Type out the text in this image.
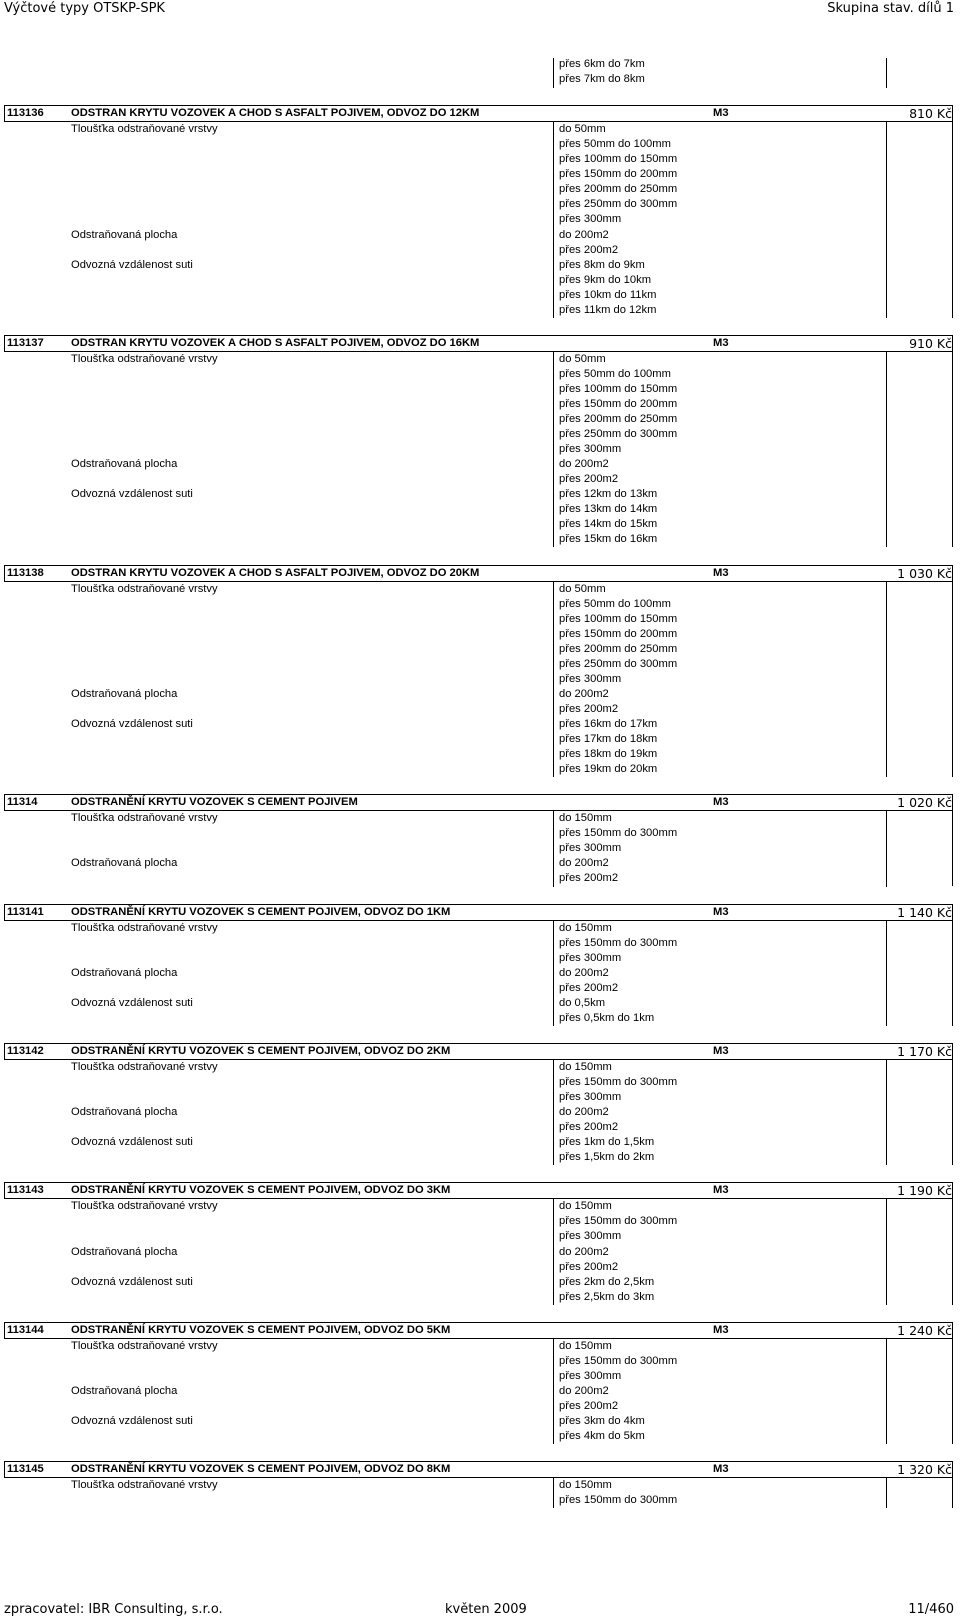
Výčtové typy OTSKP-SPK	Skupina stav. dílů 1
přes 6km do 7km
přes 7km do 8km
113136 ODSTRAN KRYTU VOZOVEK A CHOD S ASFALT POJIVEM, ODVOZ DO 12KM	M3	810 Kč
Tloušťka odstraňované vrstvy	do 50mm
přes 50mm do 100mm
přes 100mm do 150mm
přes 150mm do 200mm
přes 200mm do 250mm
přes 250mm do 300mm
přes 300mm
Odstraňovaná plocha	do 200m2
přes 200m2
Odvozná vzdálenost suti	přes 8km do 9km
přes 9km do 10km
přes 10km do 11km
přes 11km do 12km
113137 ODSTRAN KRYTU VOZOVEK A CHOD S ASFALT POJIVEM, ODVOZ DO 16KM	M3	910 Kč
Tloušťka odstraňované vrstvy	do 50mm
přes 50mm do 100mm
přes 100mm do 150mm
přes 150mm do 200mm
přes 200mm do 250mm
přes 250mm do 300mm
přes 300mm
Odstraňovaná plocha	do 200m2
přes 200m2
Odvozná vzdálenost suti	přes 12km do 13km
přes 13km do 14km
přes 14km do 15km
přes 15km do 16km
113138 ODSTRAN KRYTU VOZOVEK A CHOD S ASFALT POJIVEM, ODVOZ DO 20KM	M3	1 030 Kč
Tloušťka odstraňované vrstvy	do 50mm
přes 50mm do 100mm
přes 100mm do 150mm
přes 150mm do 200mm
přes 200mm do 250mm
přes 250mm do 300mm
přes 300mm
Odstraňovaná plocha	do 200m2
přes 200m2
Odvozná vzdálenost suti	přes 16km do 17km
přes 17km do 18km
přes 18km do 19km
přes 19km do 20km
11314	ODSTRANĚNÍ KRYTU VOZOVEK S CEMENT POJIVEM	M3	1 020 Kč
Tloušťka odstraňované vrstvy	do 150mm
přes 150mm do 300mm
přes 300mm
Odstraňovaná plocha	do 200m2
přes 200m2
113141 ODSTRANĚNÍ KRYTU VOZOVEK S CEMENT POJIVEM, ODVOZ DO 1KM	M3	1 140 Kč
Tloušťka odstraňované vrstvy	do 150mm
přes 150mm do 300mm
přes 300mm
Odstraňovaná plocha	do 200m2
přes 200m2
Odvozná vzdálenost suti	do 0,5km
přes 0,5km do 1km
113142 ODSTRANĚNÍ KRYTU VOZOVEK S CEMENT POJIVEM, ODVOZ DO 2KM	M3	1 170 Kč
Tloušťka odstraňované vrstvy	do 150mm
přes 150mm do 300mm
přes 300mm
Odstraňovaná plocha	do 200m2
přes 200m2
Odvozná vzdálenost suti	přes 1km do 1,5km
přes 1,5km do 2km
113143 ODSTRANĚNÍ KRYTU VOZOVEK S CEMENT POJIVEM, ODVOZ DO 3KM	M3	1 190 Kč
Tloušťka odstraňované vrstvy	do 150mm
přes 150mm do 300mm
přes 300mm
Odstraňovaná plocha	do 200m2
přes 200m2
Odvozná vzdálenost suti	přes 2km do 2,5km
přes 2,5km do 3km
113144 ODSTRANĚNÍ KRYTU VOZOVEK S CEMENT POJIVEM, ODVOZ DO 5KM	M3	1 240 Kč
Tloušťka odstraňované vrstvy	do 150mm
přes 150mm do 300mm
přes 300mm
Odstraňovaná plocha	do 200m2
přes 200m2
Odvozná vzdálenost suti	přes 3km do 4km
přes 4km do 5km
113145 ODSTRANĚNÍ KRYTU VOZOVEK S CEMENT POJIVEM, ODVOZ DO 8KM	M3	1 320 Kč
Tloušťka odstraňované vrstvy	do 150mm
přes 150mm do 300mm
zpracovatel: IBR Consulting, s.r.o.	květen 2009	11/460
